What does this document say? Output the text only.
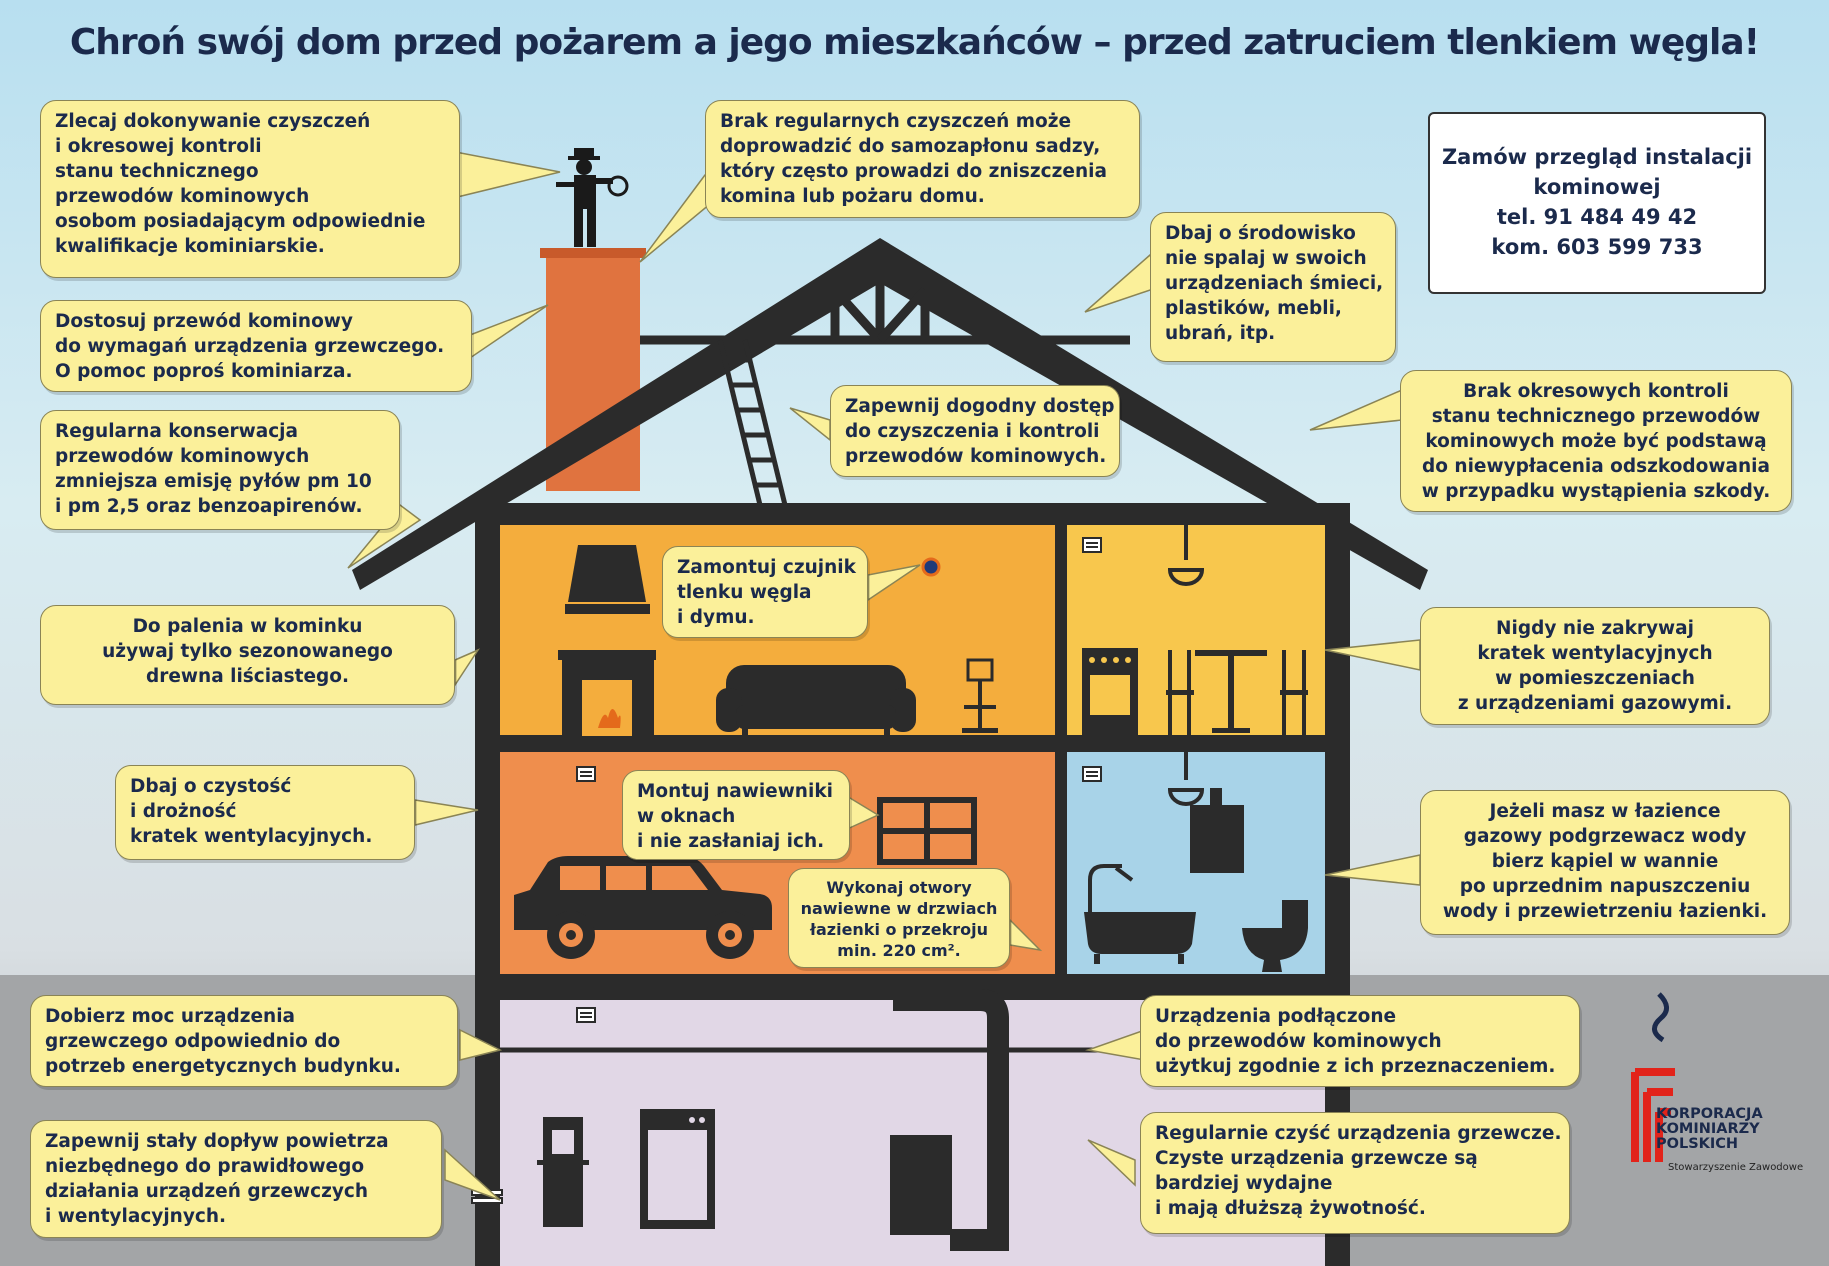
Chroń swój dom przed pożarem a jego mieszkańców – przed zatruciem tlenkiem węgla!
Zlecaj dokonywanie czyszczeń
i okresowej kontroli
stanu technicznego
przewodów kominowych
osobom posiadającym odpowiednie
kwalifikacje kominiarskie.
Brak regularnych czyszczeń może
doprowadzić do samozapłonu sadzy,
który często prowadzi do zniszczenia
komina lub pożaru domu.
Dbaj o środowisko
nie spalaj w swoich
urządzeniach śmieci,
plastików, mebli,
ubrań, itp.
Zamów przegląd instalacji
kominowej
tel. 91 484 49 42
kom. 603 599 733
Dostosuj przewód kominowy
do wymagań urządzenia grzewczego.
O pomoc poproś kominiarza.
Zapewnij dogodny dostęp
do czyszczenia i kontroli
przewodów kominowych.
Brak okresowych kontroli
stanu technicznego przewodów
kominowych może być podstawą
do niewypłacenia odszkodowania
w przypadku wystąpienia szkody.
Regularna konserwacja
przewodów kominowych
zmniejsza emisję pyłów pm 10
i pm 2,5 oraz benzoapirenów.
Zamontuj czujnik
tlenku węgla
i dymu.
Do palenia w kominku
używaj tylko sezonowanego
drewna liściastego.
Nigdy nie zakrywaj
kratek wentylacyjnych
w pomieszczeniach
z urządzeniami gazowymi.
Dbaj o czystość
i drożność
kratek wentylacyjnych.
Montuj nawiewniki
w oknach
i nie zasłaniaj ich.
Wykonaj otwory
nawiewne w drzwiach
łazienki o przekroju
min. 220 cm².
Jeżeli masz w łazience
gazowy podgrzewacz wody
bierz kąpiel w wannie
po uprzednim napuszczeniu
wody i przewietrzeniu łazienki.
Dobierz moc urządzenia
grzewczego odpowiednio do
potrzeb energetycznych budynku.
Urządzenia podłączone
do przewodów kominowych
użytkuj zgodnie z ich przeznaczeniem.
Zapewnij stały dopływ powietrza
niezbędnego do prawidłowego
działania urządzeń grzewczych
i wentylacyjnych.
Regularnie czyść urządzenia grzewcze.
Czyste urządzenia grzewcze są
bardziej wydajne
i mają dłuższą żywotność.
KORPORACJA
KOMINIARZY
POLSKICH
Stowarzyszenie Zawodowe
